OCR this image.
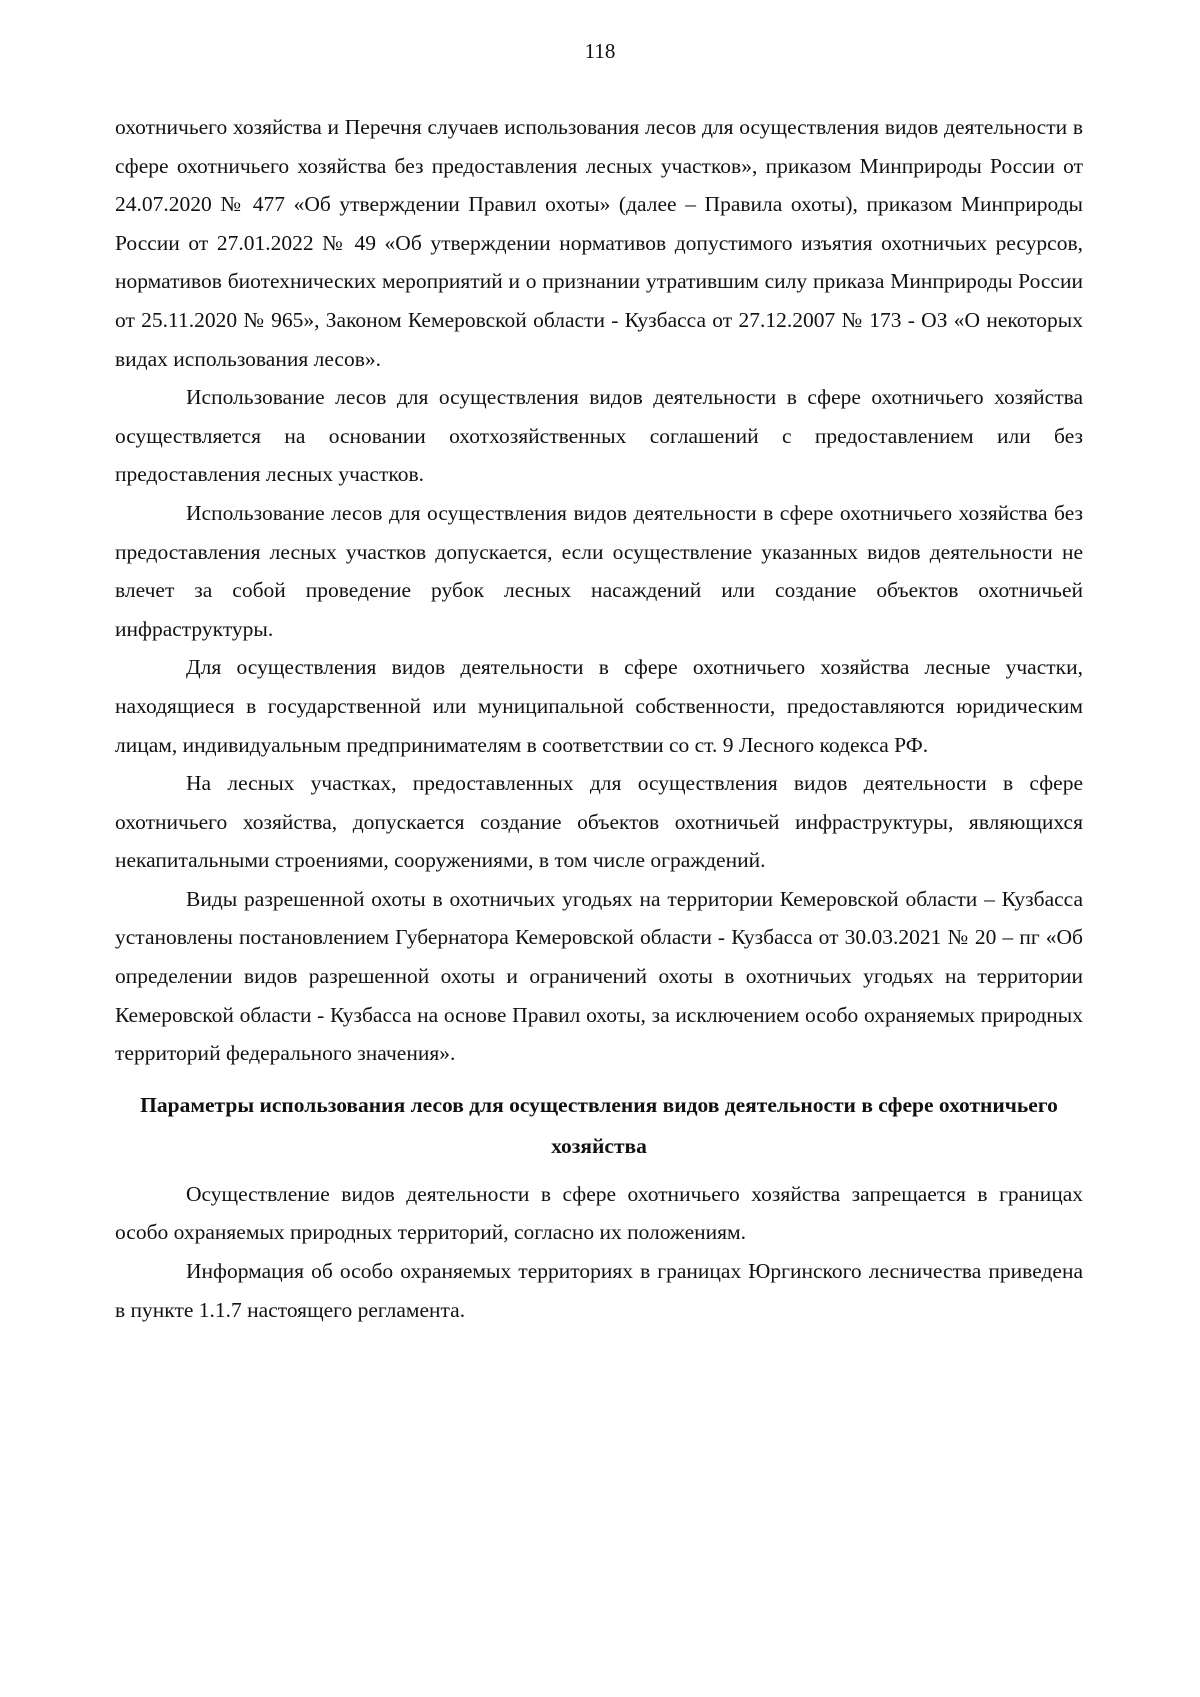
118

охотничьего хозяйства и Перечня случаев использования лесов для осуществления видов деятельности в сфере охотничьего хозяйства без предоставления лесных участков», приказом Минприроды России от 24.07.2020 № 477 «Об утверждении Правил охоты» (далее – Правила охоты), приказом Минприроды России от 27.01.2022 № 49 «Об утверждении нормативов допустимого изъятия охотничьих ресурсов, нормативов биотехнических мероприятий и о признании утратившим силу приказа Минприроды России от 25.11.2020 № 965», Законом Кемеровской области - Кузбасса от 27.12.2007 № 173 - ОЗ «О некоторых видах использования лесов».

Использование лесов для осуществления видов деятельности в сфере охотничьего хозяйства осуществляется на основании охотхозяйственных соглашений с предоставлением или без предоставления лесных участков.

Использование лесов для осуществления видов деятельности в сфере охотничьего хозяйства без предоставления лесных участков допускается, если осуществление указанных видов деятельности не влечет за собой проведение рубок лесных насаждений или создание объектов охотничьей инфраструктуры.

Для осуществления видов деятельности в сфере охотничьего хозяйства лесные участки, находящиеся в государственной или муниципальной собственности, предоставляются юридическим лицам, индивидуальным предпринимателям в соответствии со ст. 9 Лесного кодекса РФ.

На лесных участках, предоставленных для осуществления видов деятельности в сфере охотничьего хозяйства, допускается создание объектов охотничьей инфраструктуры, являющихся некапитальными строениями, сооружениями, в том числе ограждений.

Виды разрешенной охоты в охотничьих угодьях на территории Кемеровской области – Кузбасса установлены постановлением Губернатора Кемеровской области - Кузбасса от 30.03.2021 № 20 – пг «Об определении видов разрешенной охоты и ограничений охоты в охотничьих угодьях на территории Кемеровской области - Кузбасса на основе Правил охоты, за исключением особо охраняемых природных территорий федерального значения».

Параметры использования лесов для осуществления видов деятельности в сфере охотничьего хозяйства

Осуществление видов деятельности в сфере охотничьего хозяйства запрещается в границах особо охраняемых природных территорий, согласно их положениям.

Информация об особо охраняемых территориях в границах Юргинского лесничества приведена в пункте 1.1.7 настоящего регламента.
